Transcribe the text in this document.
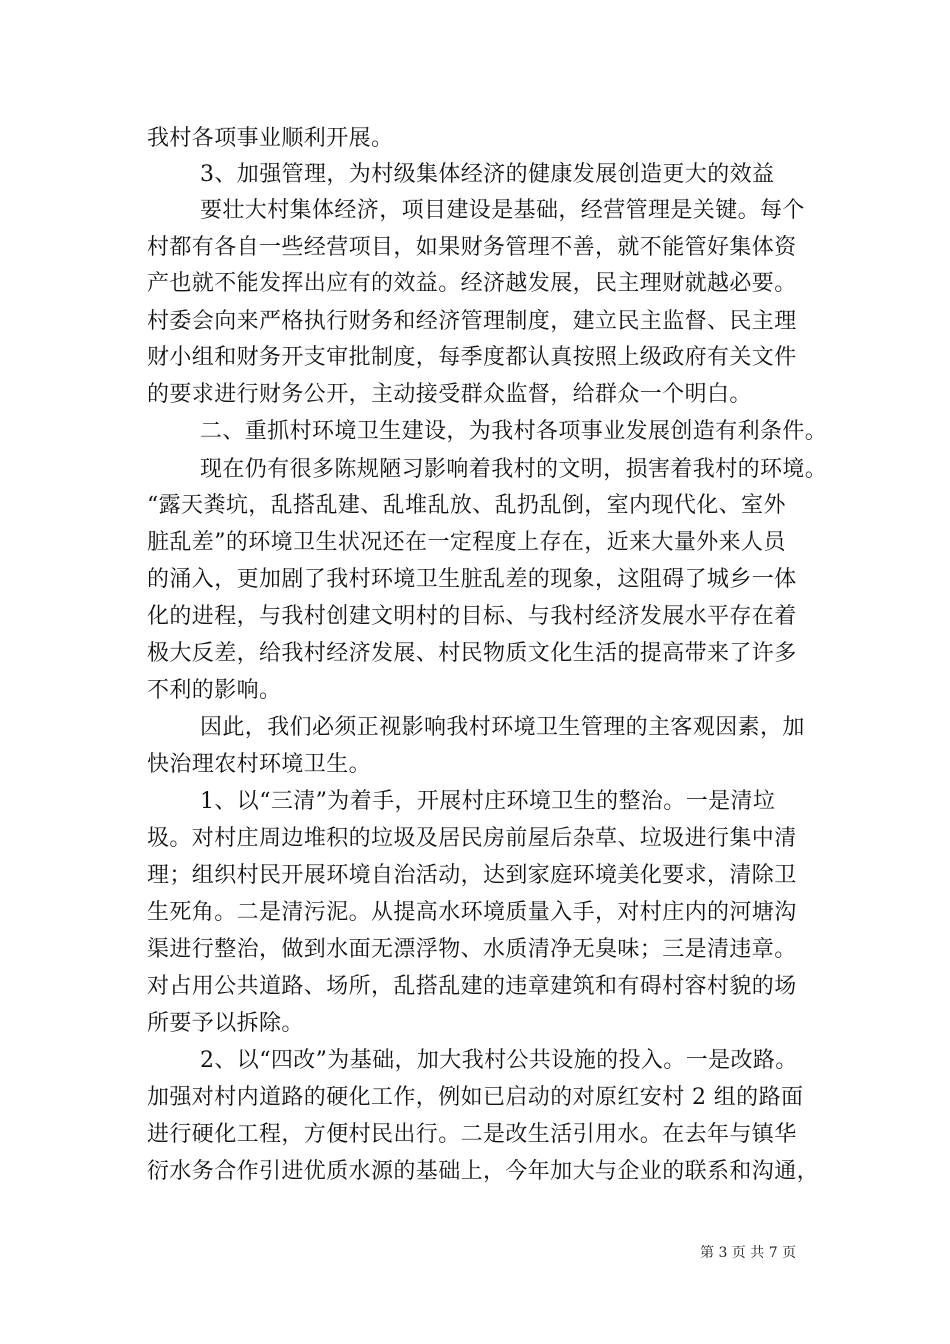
我村各项事业顺利开展。
3、加强管理，为村级集体经济的健康发展创造更大的效益
要壮大村集体经济，项目建设是基础，经营管理是关键。每个
村都有各自一些经营项目，如果财务管理不善，就不能管好集体资
产也就不能发挥出应有的效益。经济越发展，民主理财就越必要。
村委会向来严格执行财务和经济管理制度，建立民主监督、民主理
财小组和财务开支审批制度，每季度都认真按照上级政府有关文件
的要求进行财务公开，主动接受群众监督，给群众一个明白。
二、重抓村环境卫生建设，为我村各项事业发展创造有利条件。
现在仍有很多陈规陋习影响着我村的文明，损害着我村的环境。
“露天粪坑，乱搭乱建、乱堆乱放、乱扔乱倒，室内现代化、室外
脏乱差”的环境卫生状况还在一定程度上存在，近来大量外来人员
的涌入，更加剧了我村环境卫生脏乱差的现象，这阻碍了城乡一体
化的进程，与我村创建文明村的目标、与我村经济发展水平存在着
极大反差，给我村经济发展、村民物质文化生活的提高带来了许多
不利的影响。
因此，我们必须正视影响我村环境卫生管理的主客观因素，加
快治理农村环境卫生。
1、以“三清”为着手，开展村庄环境卫生的整治。一是清垃
圾。对村庄周边堆积的垃圾及居民房前屋后杂草、垃圾进行集中清
理；组织村民开展环境自治活动，达到家庭环境美化要求，清除卫
生死角。二是清污泥。从提高水环境质量入手，对村庄内的河塘沟
渠进行整治，做到水面无漂浮物、水质清净无臭味；三是清违章。
对占用公共道路、场所，乱搭乱建的违章建筑和有碍村容村貌的场
所要予以拆除。
2、以“四改”为基础，加大我村公共设施的投入。一是改路。
加强对村内道路的硬化工作，例如已启动的对原红安村 2 组的路面
进行硬化工程，方便村民出行。二是改生活引用水。在去年与镇华
衍水务合作引进优质水源的基础上，今年加大与企业的联系和沟通，
第 3 页 共 7 页
